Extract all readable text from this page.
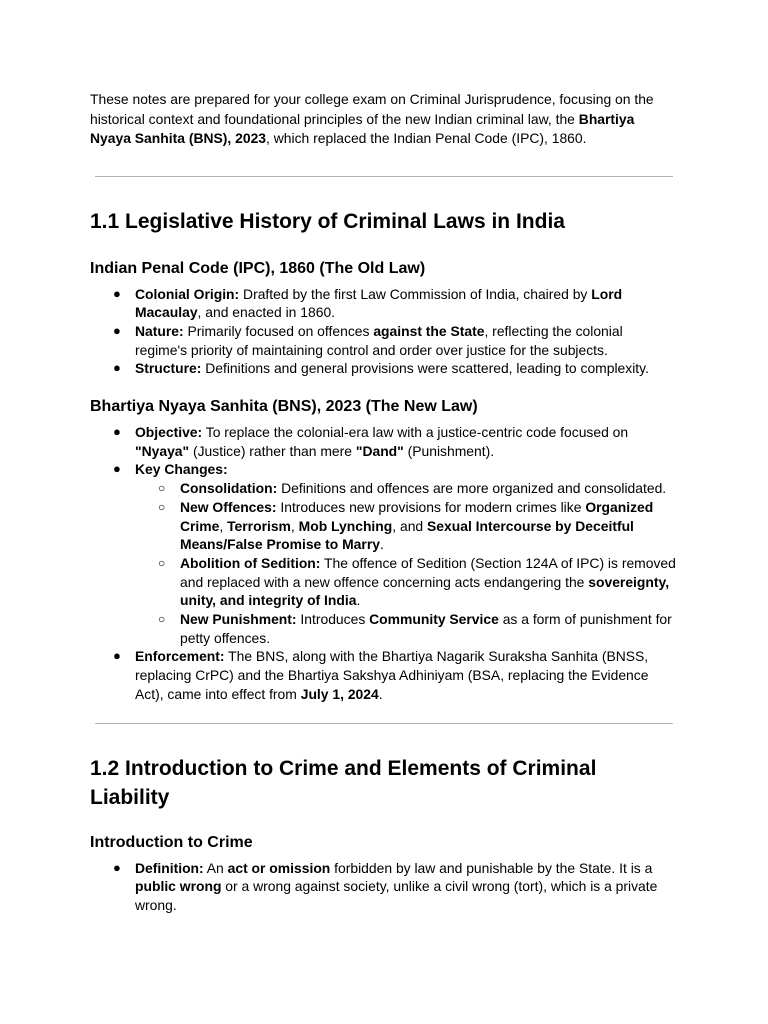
These notes are prepared for your college exam on Criminal Jurisprudence, focusing on the historical context and foundational principles of the new Indian criminal law, the Bhartiya Nyaya Sanhita (BNS), 2023, which replaced the Indian Penal Code (IPC), 1860.

1.1 Legislative History of Criminal Laws in India
Indian Penal Code (IPC), 1860 (The Old Law)
● Colonial Origin: Drafted by the first Law Commission of India, chaired by Lord Macaulay, and enacted in 1860.
● Nature: Primarily focused on offences against the State, reflecting the colonial regime's priority of maintaining control and order over justice for the subjects.
● Structure: Definitions and general provisions were scattered, leading to complexity.
Bhartiya Nyaya Sanhita (BNS), 2023 (The New Law)
● Objective: To replace the colonial-era law with a justice-centric code focused on "Nyaya" (Justice) rather than mere "Dand" (Punishment).
● Key Changes:
○ Consolidation: Definitions and offences are more organized and consolidated.
○ New Offences: Introduces new provisions for modern crimes like Organized Crime, Terrorism, Mob Lynching, and Sexual Intercourse by Deceitful Means/False Promise to Marry.
○ Abolition of Sedition: The offence of Sedition (Section 124A of IPC) is removed and replaced with a new offence concerning acts endangering the sovereignty, unity, and integrity of India.
○ New Punishment: Introduces Community Service as a form of punishment for petty offences.
● Enforcement: The BNS, along with the Bhartiya Nagarik Suraksha Sanhita (BNSS, replacing CrPC) and the Bhartiya Sakshya Adhiniyam (BSA, replacing the Evidence Act), came into effect from July 1, 2024.
1.2 Introduction to Crime and Elements of Criminal Liability
Introduction to Crime
● Definition: An act or omission forbidden by law and punishable by the State. It is a public wrong or a wrong against society, unlike a civil wrong (tort), which is a private wrong.
